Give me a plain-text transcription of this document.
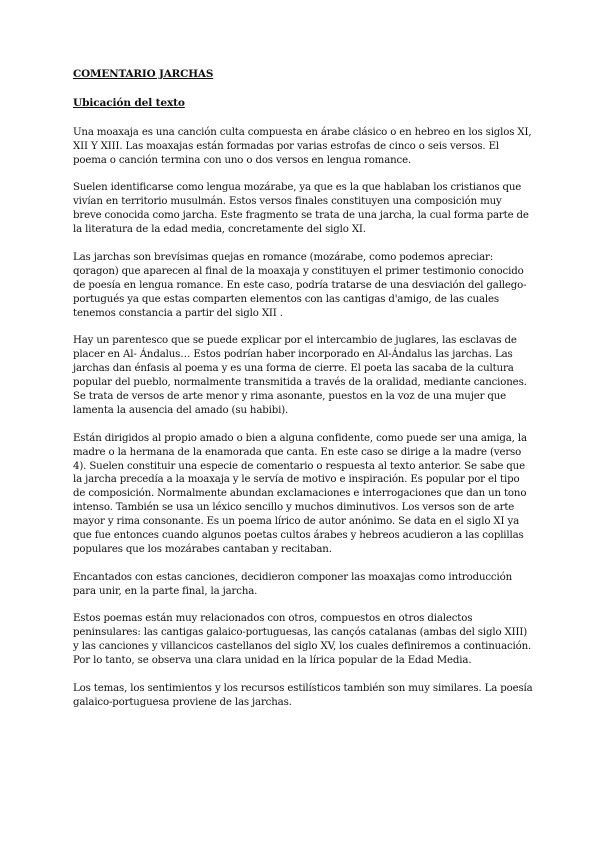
COMENTARIO JARCHAS
Ubicación del texto

Una moaxaja es una canción culta compuesta en árabe clásico o en hebreo en los siglos XI, XII Y XIII. Las moaxajas están formadas por varias estrofas de cinco o seis versos. El poema o canción termina con uno o dos versos en lengua romance.

Suelen identificarse como lengua mozárabe, ya que es la que hablaban los cristianos que vivían en territorio musulmán. Estos versos finales constituyen una composición muy breve conocida como jarcha. Este fragmento se trata de una jarcha, la cual forma parte de la literatura de la edad media, concretamente del siglo XI.

Las jarchas son brevísimas quejas en romance (mozárabe, como podemos apreciar: qoragon) que aparecen al final de la moaxaja y constituyen el primer testimonio conocido de poesía en lengua romance. En este caso, podría tratarse de una desviación del gallego-portugués ya que estas comparten elementos con las cantigas d'amigo, de las cuales tenemos constancia a partir del siglo XII .

Hay un parentesco que se puede explicar por el intercambio de juglares, las esclavas de placer en Al- Ándalus… Estos podrían haber incorporado en Al-Ándalus las jarchas. Las jarchas dan énfasis al poema y es una forma de cierre. El poeta las sacaba de la cultura popular del pueblo, normalmente transmitida a través de la oralidad, mediante canciones. Se trata de versos de arte menor y rima asonante, puestos en la voz de una mujer que lamenta la ausencia del amado (su habibi).

Están dirigidos al propio amado o bien a alguna confidente, como puede ser una amiga, la madre o la hermana de la enamorada que canta. En este caso se dirige a la madre (verso 4). Suelen constituir una especie de comentario o respuesta al texto anterior. Se sabe que la jarcha precedía a la moaxaja y le servía de motivo e inspiración. Es popular por el tipo de composición. Normalmente abundan exclamaciones e interrogaciones que dan un tono intenso. También se usa un léxico sencillo y muchos diminutivos. Los versos son de arte mayor y rima consonante. Es un poema lírico de autor anónimo. Se data en el siglo XI ya que fue entonces cuando algunos poetas cultos árabes y hebreos acudieron a las coplillas populares que los mozárabes cantaban y recitaban.

Encantados con estas canciones, decidieron componer las moaxajas como introducción para unir, en la parte final, la jarcha.

Estos poemas están muy relacionados con otros, compuestos en otros dialectos peninsulares: las cantigas galaico-portuguesas, las cançós catalanas (ambas del siglo XIII) y las canciones y villancicos castellanos del siglo XV, los cuales definiremos a continuación. Por lo tanto, se observa una clara unidad en la lírica popular de la Edad Media.

Los temas, los sentimientos y los recursos estilísticos también son muy similares. La poesía galaico-portuguesa proviene de las jarchas.
